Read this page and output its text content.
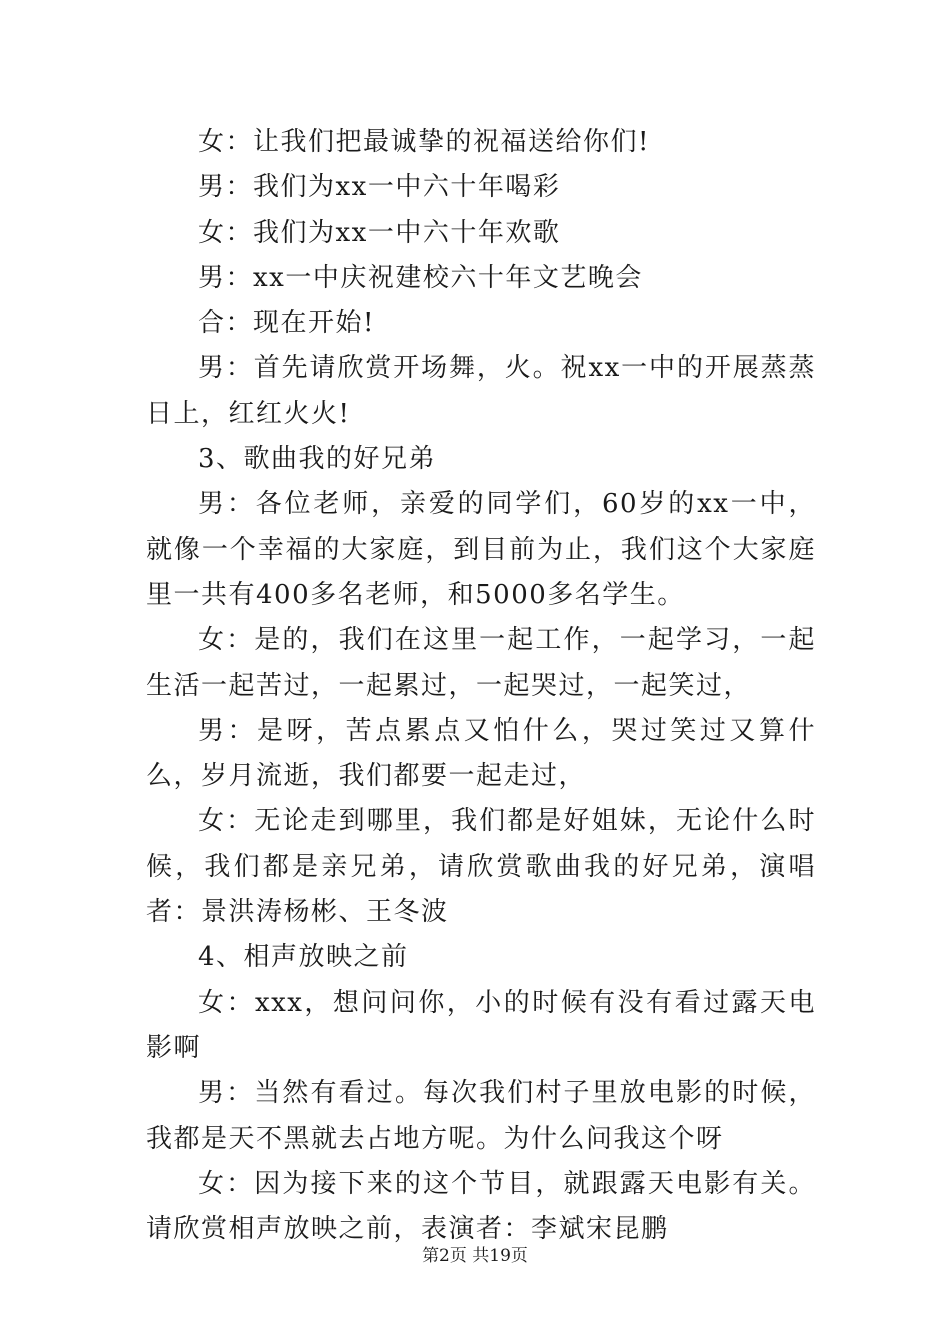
女：让我们把最诚挚的祝福送给你们!

男：我们为xx一中六十年喝彩

女：我们为xx一中六十年欢歌

男：xx一中庆祝建校六十年文艺晚会

合：现在开始!

男：首先请欣赏开场舞，火。祝xx一中的开展蒸蒸日上，红红火火!

3、歌曲我的好兄弟

男：各位老师，亲爱的同学们，60岁的xx一中，就像一个幸福的大家庭，到目前为止，我们这个大家庭里一共有400多名老师，和5000多名学生。

女：是的，我们在这里一起工作，一起学习，一起生活一起苦过，一起累过，一起哭过，一起笑过，

男：是呀，苦点累点又怕什么，哭过笑过又算什么，岁月流逝，我们都要一起走过，

女：无论走到哪里，我们都是好姐妹，无论什么时候，我们都是亲兄弟，请欣赏歌曲我的好兄弟，演唱者：景洪涛杨彬、王冬波

4、相声放映之前

女：xxx，想问问你，小的时候有没有看过露天电影啊

男：当然有看过。每次我们村子里放电影的时候，我都是天不黑就去占地方呢。为什么问我这个呀

女：因为接下来的这个节目，就跟露天电影有关。请欣赏相声放映之前，表演者：李斌宋昆鹏

第2页 共19页
